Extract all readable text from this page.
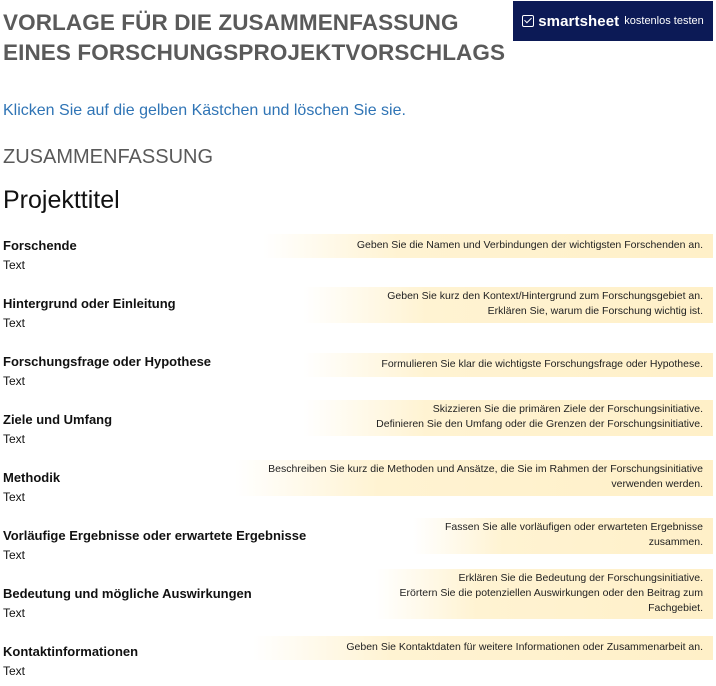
VORLAGE FÜR DIE ZUSAMMENFASSUNG
EINES FORSCHUNGSPROJEKTVORSCHLAGS
smartsheet kostenlos testen
Klicken Sie auf die gelben Kästchen und löschen Sie sie.
ZUSAMMENFASSUNG
Projekttitel
Forschende
Text
Geben Sie die Namen und Verbindungen der wichtigsten Forschenden an.
Hintergrund oder Einleitung
Text
Geben Sie kurz den Kontext/Hintergrund zum Forschungsgebiet an.
Erklären Sie, warum die Forschung wichtig ist.
Forschungsfrage oder Hypothese
Text
Formulieren Sie klar die wichtigste Forschungsfrage oder Hypothese.
Ziele und Umfang
Text
Skizzieren Sie die primären Ziele der Forschungsinitiative.
Definieren Sie den Umfang oder die Grenzen der Forschungsinitiative.
Methodik
Text
Beschreiben Sie kurz die Methoden und Ansätze, die Sie im Rahmen der Forschungsinitiative
verwenden werden.
Vorläufige Ergebnisse oder erwartete Ergebnisse
Text
Fassen Sie alle vorläufigen oder erwarteten Ergebnisse
zusammen.
Bedeutung und mögliche Auswirkungen
Text
Erklären Sie die Bedeutung der Forschungsinitiative.
Erörtern Sie die potenziellen Auswirkungen oder den Beitrag zum
Fachgebiet.
Kontaktinformationen
Text
Geben Sie Kontaktdaten für weitere Informationen oder Zusammenarbeit an.
